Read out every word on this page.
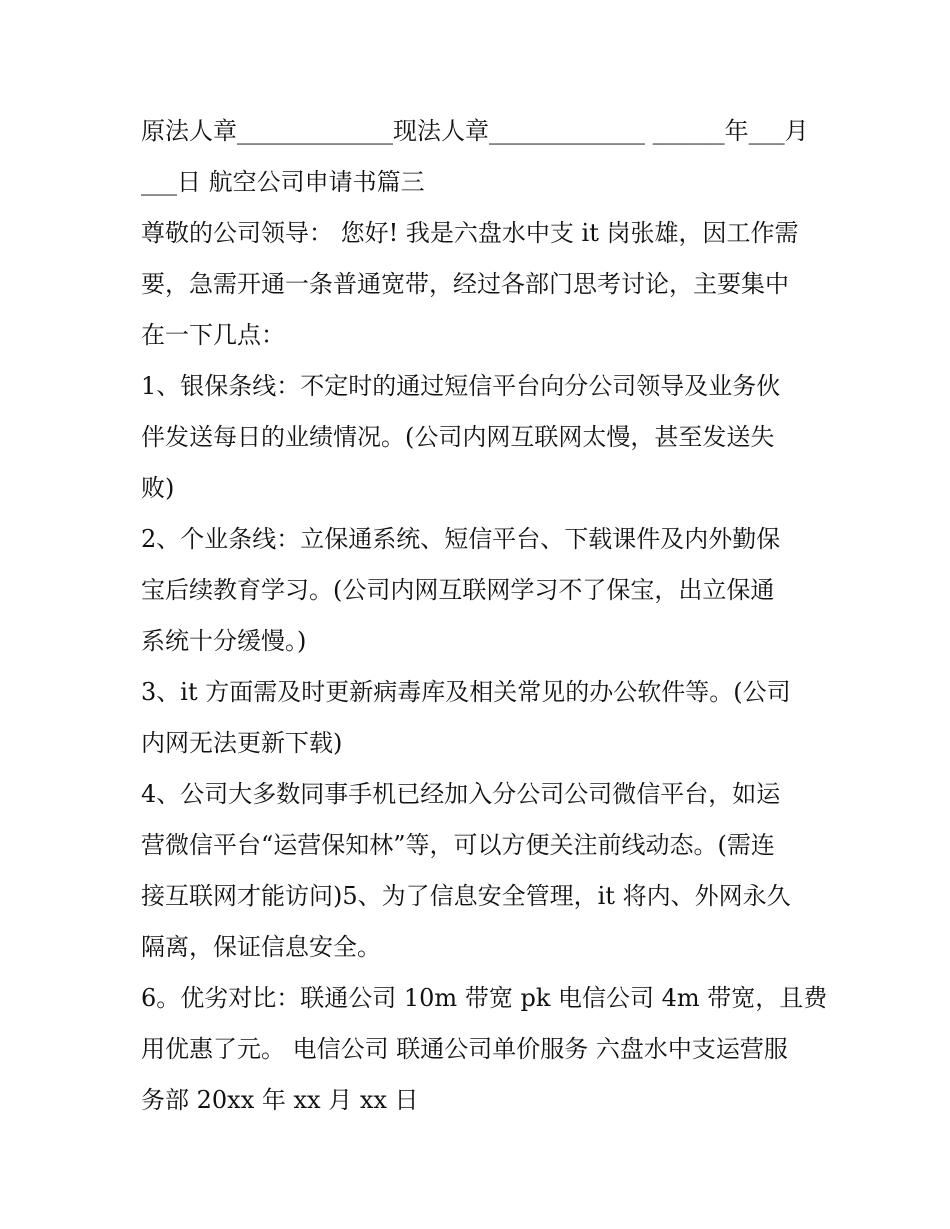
原法人章_____________现法人章_____________ ______年___月
___日 航空公司申请书篇三
尊敬的公司领导： 您好! 我是六盘水中支 it 岗张雄，因工作需
要，急需开通一条普通宽带，经过各部门思考讨论，主要集中
在一下几点：
1、银保条线：不定时的通过短信平台向分公司领导及业务伙
伴发送每日的业绩情况。(公司内网互联网太慢，甚至发送失
败)
2、个业条线：立保通系统、短信平台、下载课件及内外勤保
宝后续教育学习。(公司内网互联网学习不了保宝，出立保通
系统十分缓慢。)
3、it 方面需及时更新病毒库及相关常见的办公软件等。(公司
内网无法更新下载)
4、公司大多数同事手机已经加入分公司公司微信平台，如运
营微信平台“运营保知林”等，可以方便关注前线动态。(需连
接互联网才能访问)5、为了信息安全管理，it 将内、外网永久
隔离，保证信息安全。
6。优劣对比：联通公司 10m 带宽 pk 电信公司 4m 带宽，且费
用优惠了元。 电信公司 联通公司单价服务 六盘水中支运营服
务部 20xx 年 xx 月 xx 日
